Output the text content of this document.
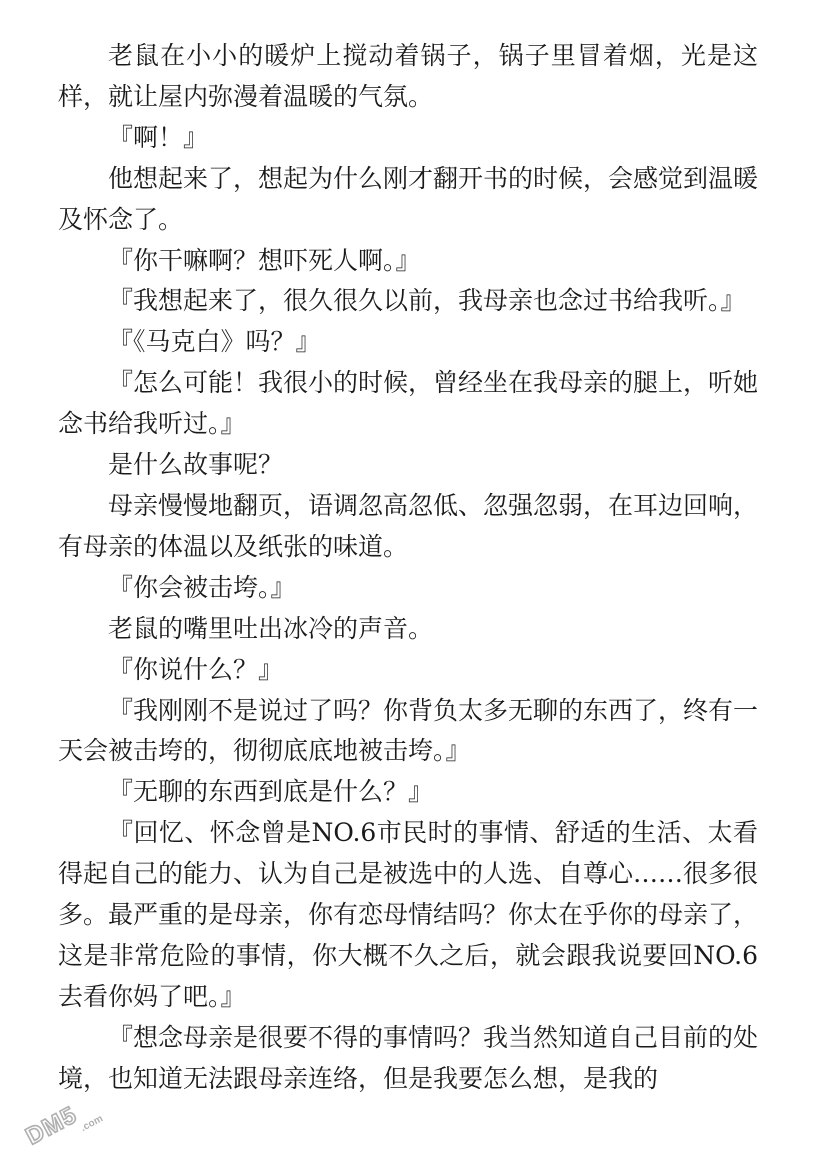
老鼠在小小的暖炉上搅动着锅子，锅子里冒着烟，光是这样，就让屋内弥漫着温暖的气氛。

『啊！』

他想起来了，想起为什么刚才翻开书的时候，会感觉到温暖及怀念了。

『你干嘛啊？想吓死人啊。』

『我想起来了，很久很久以前，我母亲也念过书给我听。』

『《马克白》吗？』

『怎么可能！我很小的时候，曾经坐在我母亲的腿上，听她念书给我听过。』

是什么故事呢？

母亲慢慢地翻页，语调忽高忽低、忽强忽弱，在耳边回响，有母亲的体温以及纸张的味道。

『你会被击垮。』

老鼠的嘴里吐出冰冷的声音。

『你说什么？』

『我刚刚不是说过了吗？你背负太多无聊的东西了，终有一天会被击垮的，彻彻底底地被击垮。』

『无聊的东西到底是什么？』

『回忆、怀念曾是NO.6市民时的事情、舒适的生活、太看得起自己的能力、认为自己是被选中的人选、自尊心……很多很多。最严重的是母亲，你有恋母情结吗？你太在乎你的母亲了，这是非常危险的事情，你大概不久之后，就会跟我说要回NO.6去看你妈了吧。』

『想念母亲是很要不得的事情吗？我当然知道自己目前的处境，也知道无法跟母亲连络，但是我要怎么想，是我的

DM5
.com
